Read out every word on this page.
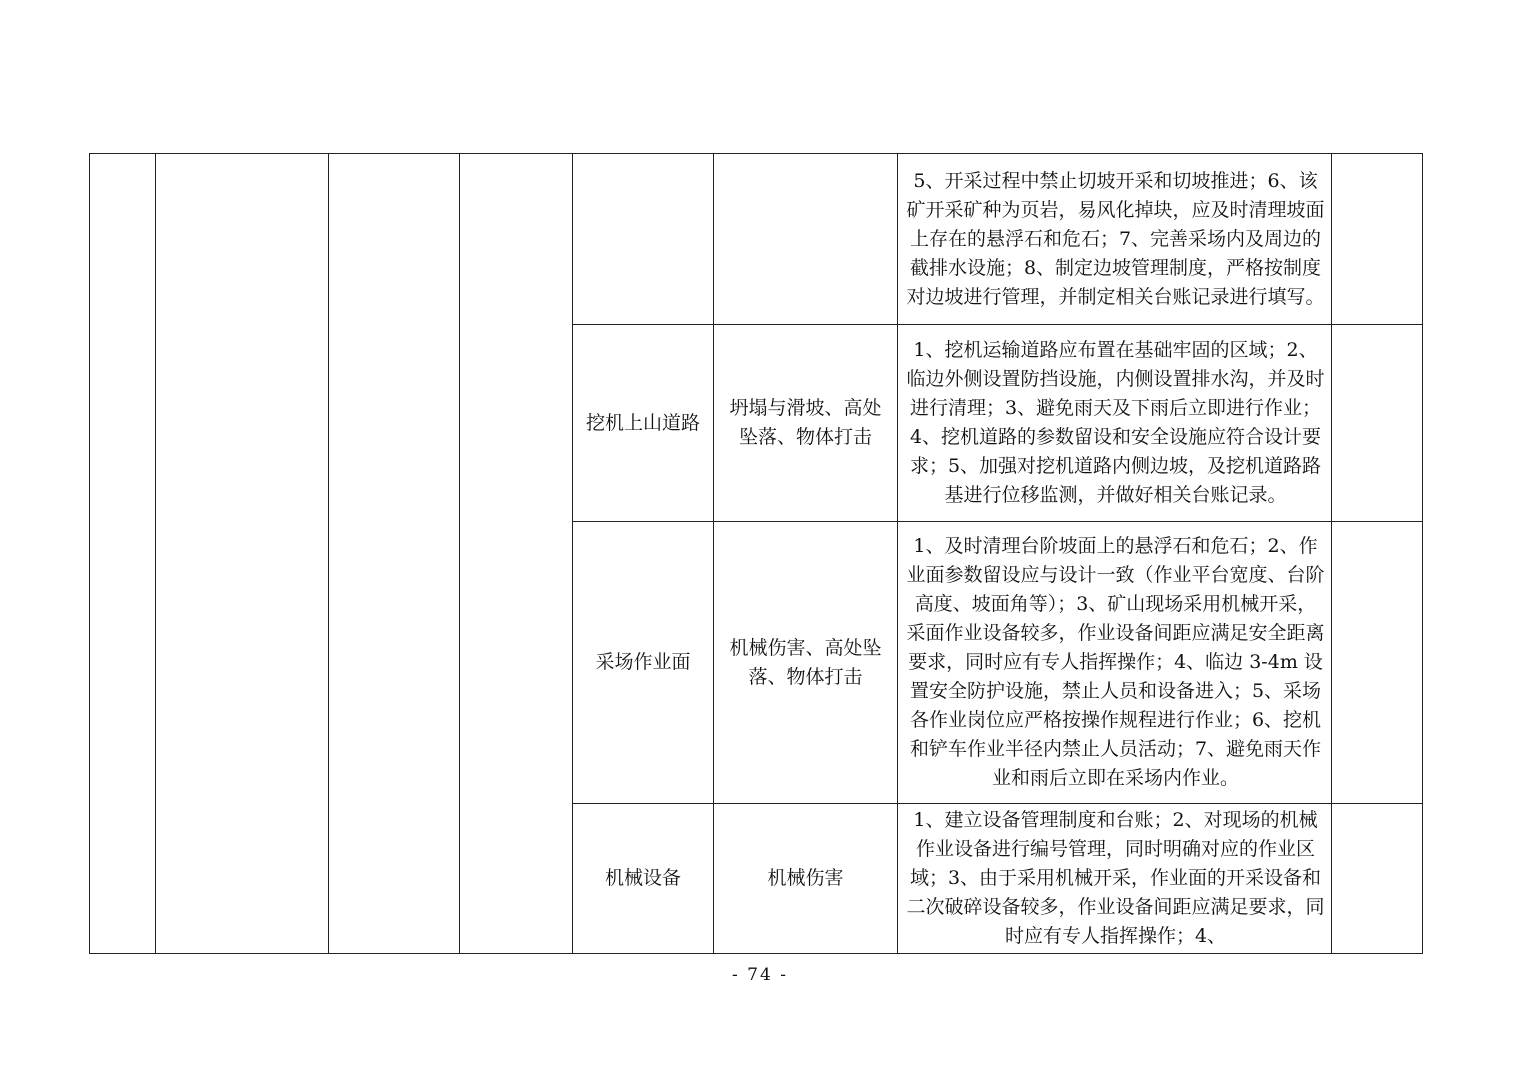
						5、开采过程中禁止切坡开采和切坡推进；6、该矿开采矿种为页岩，易风化掉块，应及时清理坡面上存在的悬浮石和危石；7、完善采场内及周边的截排水设施；8、制定边坡管理制度，严格按制度对边坡进行管理，并制定相关台账记录进行填写。	
				挖机上山道路	坍塌与滑坡、高处坠落、物体打击	1、挖机运输道路应布置在基础牢固的区域；2、临边外侧设置防挡设施，内侧设置排水沟，并及时进行清理；3、避免雨天及下雨后立即进行作业；4、挖机道路的参数留设和安全设施应符合设计要求；5、加强对挖机道路内侧边坡，及挖机道路路基进行位移监测，并做好相关台账记录。	
				采场作业面	机械伤害、高处坠落、物体打击	1、及时清理台阶坡面上的悬浮石和危石；2、作业面参数留设应与设计一致（作业平台宽度、台阶高度、坡面角等）；3、矿山现场采用机械开采，采面作业设备较多，作业设备间距应满足安全距离要求，同时应有专人指挥操作；4、临边 3-4m 设置安全防护设施，禁止人员和设备进入；5、采场各作业岗位应严格按操作规程进行作业；6、挖机和铲车作业半径内禁止人员活动；7、避免雨天作业和雨后立即在采场内作业。	
				机械设备	机械伤害	1、建立设备管理制度和台账；2、对现场的机械作业设备进行编号管理，同时明确对应的作业区域；3、由于采用机械开采，作业面的开采设备和二次破碎设备较多，作业设备间距应满足要求，同时应有专人指挥操作；4、	
- 74 -
